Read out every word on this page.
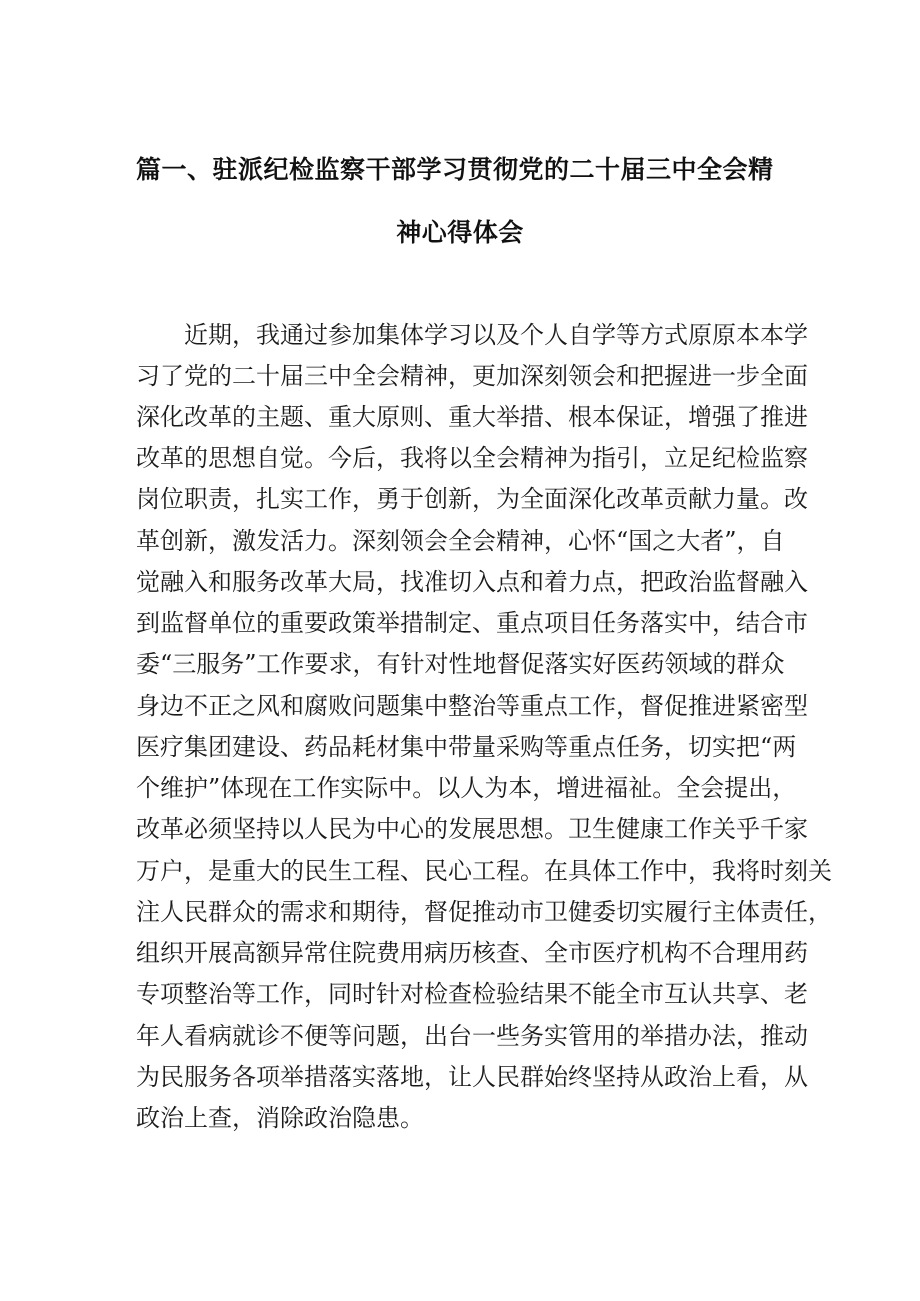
篇一、驻派纪检监察干部学习贯彻党的二十届三中全会精
神心得体会
　　近期，我通过参加集体学习以及个人自学等方式原原本本学
习了党的二十届三中全会精神，更加深刻领会和把握进一步全面
深化改革的主题、重大原则、重大举措、根本保证，增强了推进
改革的思想自觉。今后，我将以全会精神为指引，立足纪检监察
岗位职责，扎实工作，勇于创新，为全面深化改革贡献力量。改
革创新，激发活力。深刻领会全会精神，心怀“国之大者”，自
觉融入和服务改革大局，找准切入点和着力点，把政治监督融入
到监督单位的重要政策举措制定、重点项目任务落实中，结合市
委“三服务”工作要求，有针对性地督促落实好医药领域的群众
身边不正之风和腐败问题集中整治等重点工作，督促推进紧密型
医疗集团建设、药品耗材集中带量采购等重点任务，切实把“两
个维护”体现在工作实际中。以人为本，增进福祉。全会提出，
改革必须坚持以人民为中心的发展思想。卫生健康工作关乎千家
万户，是重大的民生工程、民心工程。在具体工作中，我将时刻关
注人民群众的需求和期待，督促推动市卫健委切实履行主体责任，
组织开展高额异常住院费用病历核查、全市医疗机构不合理用药
专项整治等工作，同时针对检查检验结果不能全市互认共享、老
年人看病就诊不便等问题，出台一些务实管用的举措办法，推动
为民服务各项举措落实落地，让人民群始终坚持从政治上看，从
政治上查，消除政治隐患。
